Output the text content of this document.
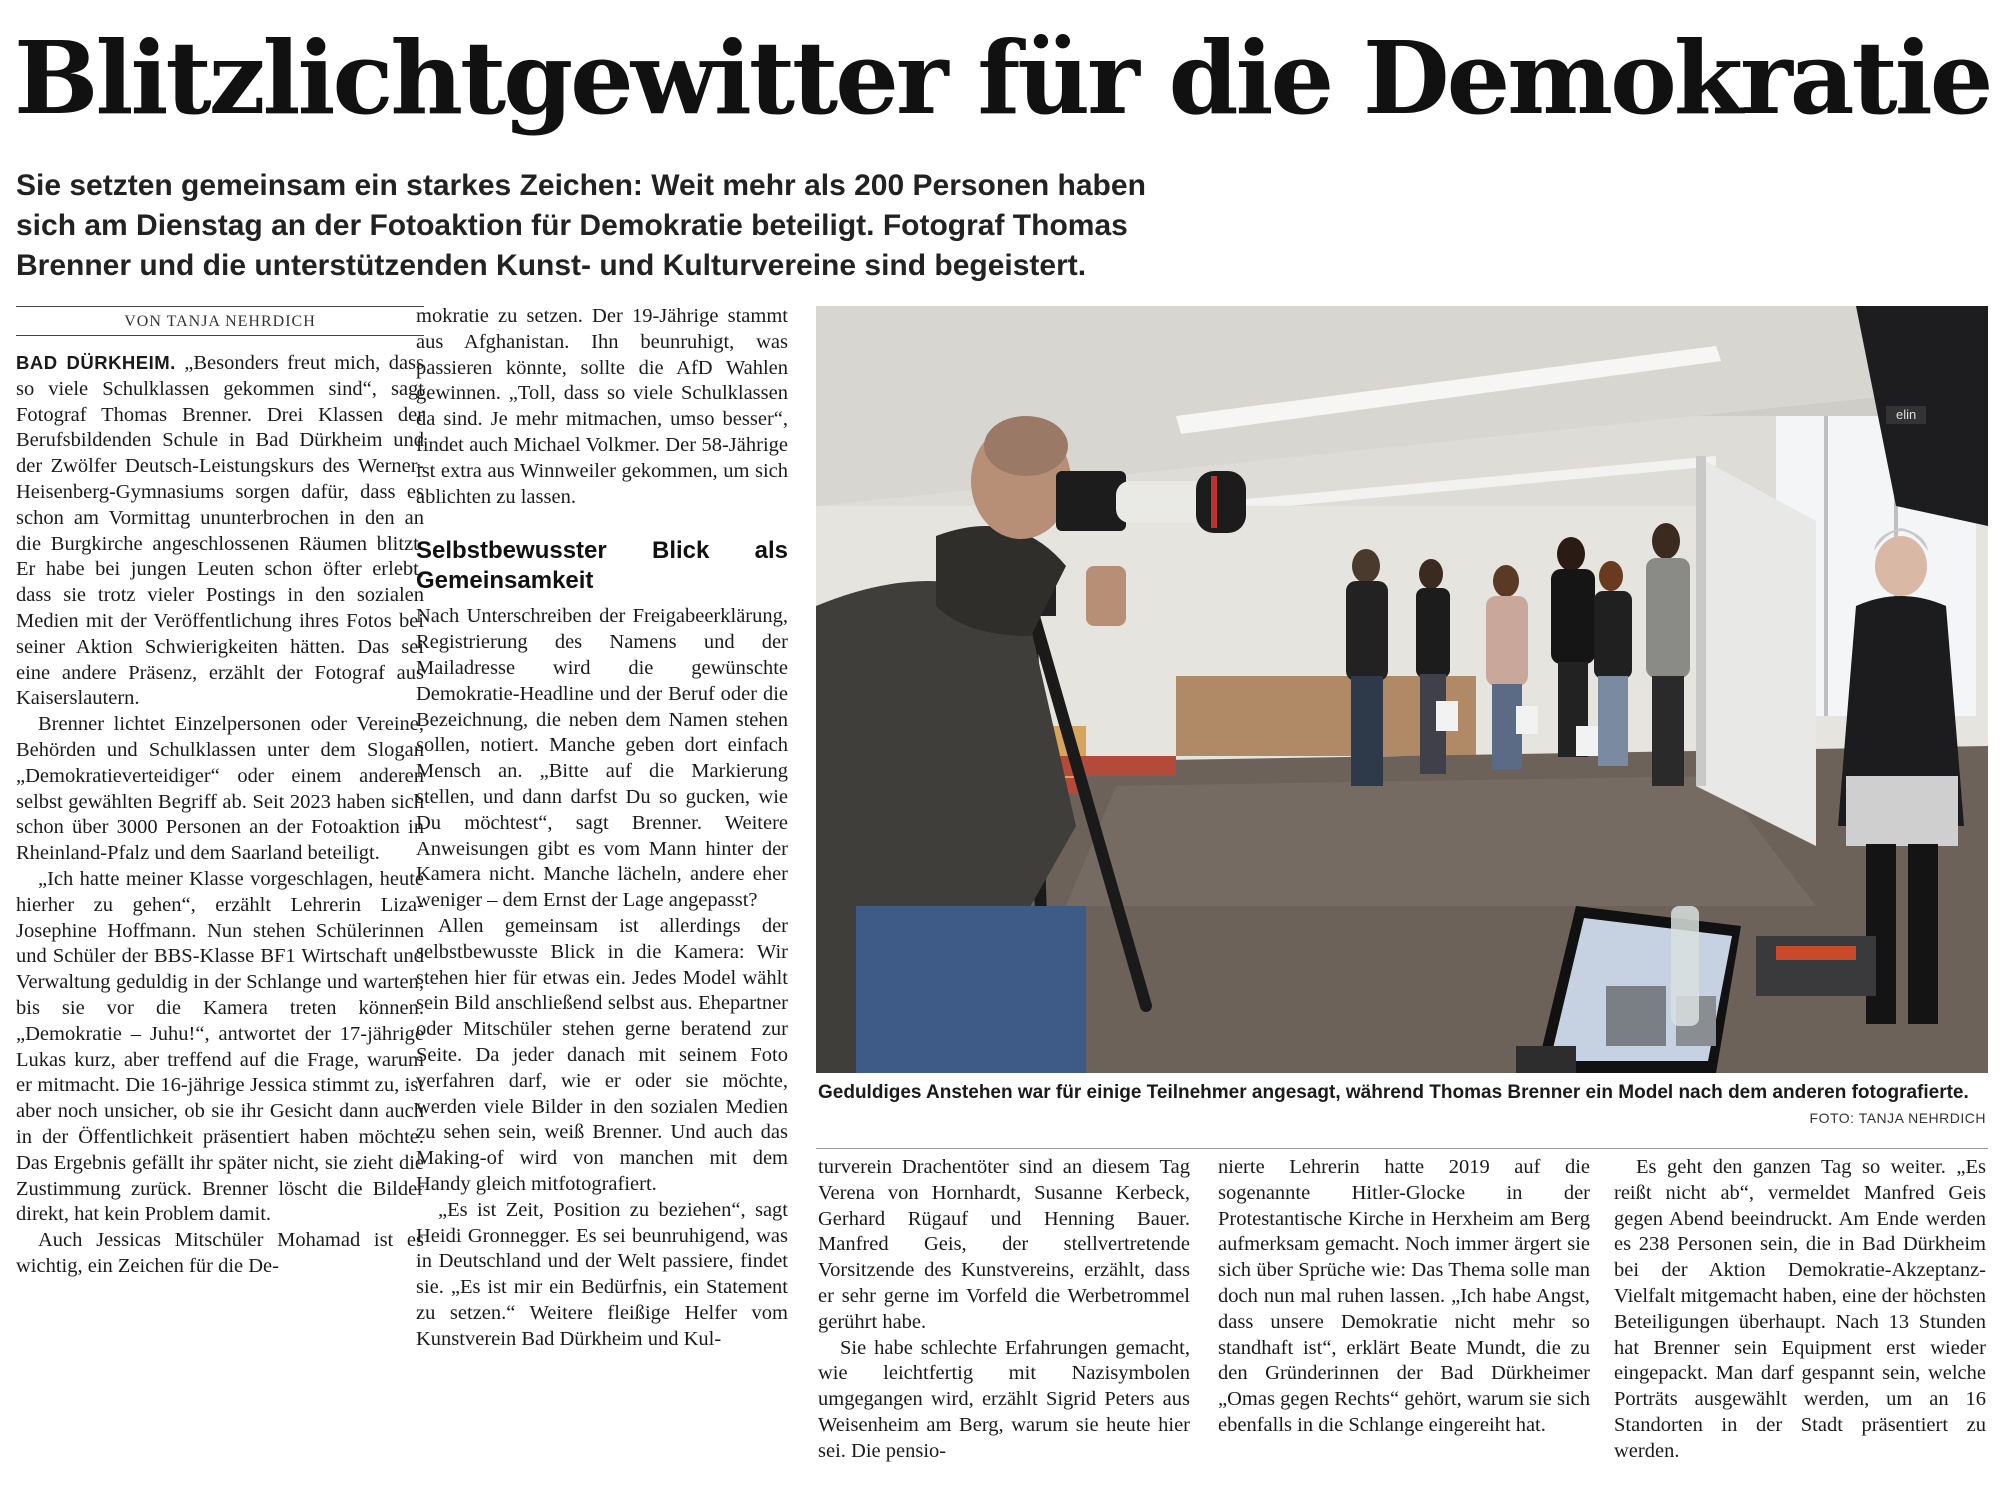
Blitzlichtgewitter für die Demokratie

Sie setzten gemeinsam ein starkes Zeichen: Weit mehr als 200 Personen haben sich am Dienstag an der Fotoaktion für Demokratie beteiligt. Fotograf Thomas Brenner und die unterstützenden Kunst- und Kulturvereine sind begeistert.

VON TANJA NEHRDICH

BAD DÜRKHEIM. „Besonders freut mich, dass so viele Schulklassen gekommen sind“, sagt Fotograf Thomas Brenner. Drei Klassen der Berufsbildenden Schule in Bad Dürkheim und der Zwölfer Deutsch-Leistungskurs des Werner-Heisenberg-Gymnasiums sorgen dafür, dass es schon am Vormittag ununterbrochen in den an die Burgkirche angeschlossenen Räumen blitzt. Er habe bei jungen Leuten schon öfter erlebt, dass sie trotz vieler Postings in den sozialen Medien mit der Veröffentlichung ihres Fotos bei seiner Aktion Schwierigkeiten hätten. Das sei eine andere Präsenz, erzählt der Fotograf aus Kaiserslautern.

Brenner lichtet Einzelpersonen oder Vereine, Behörden und Schulklassen unter dem Slogan „Demokratieverteidiger“ oder einem anderen selbst gewählten Begriff ab. Seit 2023 haben sich schon über 3000 Personen an der Fotoaktion in Rheinland-Pfalz und dem Saarland beteiligt.

„Ich hatte meiner Klasse vorgeschlagen, heute hierher zu gehen“, erzählt Lehrerin Liza-Josephine Hoffmann. Nun stehen Schülerinnen und Schüler der BBS-Klasse BF1 Wirtschaft und Verwaltung geduldig in der Schlange und warten, bis sie vor die Kamera treten können. „Demokratie – Juhu!“, antwortet der 17-jährige Lukas kurz, aber treffend auf die Frage, warum er mitmacht. Die 16-jährige Jessica stimmt zu, ist aber noch unsicher, ob sie ihr Gesicht dann auch in der Öffentlichkeit präsentiert haben möchte. Das Ergebnis gefällt ihr später nicht, sie zieht die Zustimmung zurück. Brenner löscht die Bilder direkt, hat kein Problem damit.

Auch Jessicas Mitschüler Mohamad ist es wichtig, ein Zeichen für die De-

mokratie zu setzen. Der 19-Jährige stammt aus Afghanistan. Ihn beunruhigt, was passieren könnte, sollte die AfD Wahlen gewinnen. „Toll, dass so viele Schulklassen da sind. Je mehr mitmachen, umso besser“, findet auch Michael Volkmer. Der 58-Jährige ist extra aus Winnweiler gekommen, um sich ablichten zu lassen.

Selbstbewusster Blick als Gemeinsamkeit

Nach Unterschreiben der Freigabeerklärung, Registrierung des Namens und der Mailadresse wird die gewünschte Demokratie-Headline und der Beruf oder die Bezeichnung, die neben dem Namen stehen sollen, notiert. Manche geben dort einfach Mensch an. „Bitte auf die Markierung stellen, und dann darfst Du so gucken, wie Du möchtest“, sagt Brenner. Weitere Anweisungen gibt es vom Mann hinter der Kamera nicht. Manche lächeln, andere eher weniger – dem Ernst der Lage angepasst?

Allen gemeinsam ist allerdings der selbstbewusste Blick in die Kamera: Wir stehen hier für etwas ein. Jedes Model wählt sein Bild anschließend selbst aus. Ehepartner oder Mitschüler stehen gerne beratend zur Seite. Da jeder danach mit seinem Foto verfahren darf, wie er oder sie möchte, werden viele Bilder in den sozialen Medien zu sehen sein, weiß Brenner. Und auch das Making-of wird von manchen mit dem Handy gleich mitfotografiert.

„Es ist Zeit, Position zu beziehen“, sagt Heidi Gronnegger. Es sei beunruhigend, was in Deutschland und der Welt passiere, findet sie. „Es ist mir ein Bedürfnis, ein Statement zu setzen.“ Weitere fleißige Helfer vom Kunstverein Bad Dürkheim und Kul-

elin
Geduldiges Anstehen war für einige Teilnehmer angesagt, während Thomas Brenner ein Model nach dem anderen fotografierte.
FOTO: TANJA NEHRDICH

turverein Drachentöter sind an diesem Tag Verena von Hornhardt, Susanne Kerbeck, Gerhard Rügauf und Henning Bauer. Manfred Geis, der stellvertretende Vorsitzende des Kunstvereins, erzählt, dass er sehr gerne im Vorfeld die Werbetrommel gerührt habe.

Sie habe schlechte Erfahrungen gemacht, wie leichtfertig mit Nazisymbolen umgegangen wird, erzählt Sigrid Peters aus Weisenheim am Berg, warum sie heute hier sei. Die pensio-

nierte Lehrerin hatte 2019 auf die sogenannte Hitler-Glocke in der Protestantische Kirche in Herxheim am Berg aufmerksam gemacht. Noch immer ärgert sie sich über Sprüche wie: Das Thema solle man doch nun mal ruhen lassen. „Ich habe Angst, dass unsere Demokratie nicht mehr so standhaft ist“, erklärt Beate Mundt, die zu den Gründerinnen der Bad Dürkheimer „Omas gegen Rechts“ gehört, warum sie sich ebenfalls in die Schlange eingereiht hat.

Es geht den ganzen Tag so weiter. „Es reißt nicht ab“, vermeldet Manfred Geis gegen Abend beeindruckt. Am Ende werden es 238 Personen sein, die in Bad Dürkheim bei der Aktion Demokratie-Akzeptanz-Vielfalt mitgemacht haben, eine der höchsten Beteiligungen überhaupt. Nach 13 Stunden hat Brenner sein Equipment erst wieder eingepackt. Man darf gespannt sein, welche Porträts ausgewählt werden, um an 16 Standorten in der Stadt präsentiert zu werden.
